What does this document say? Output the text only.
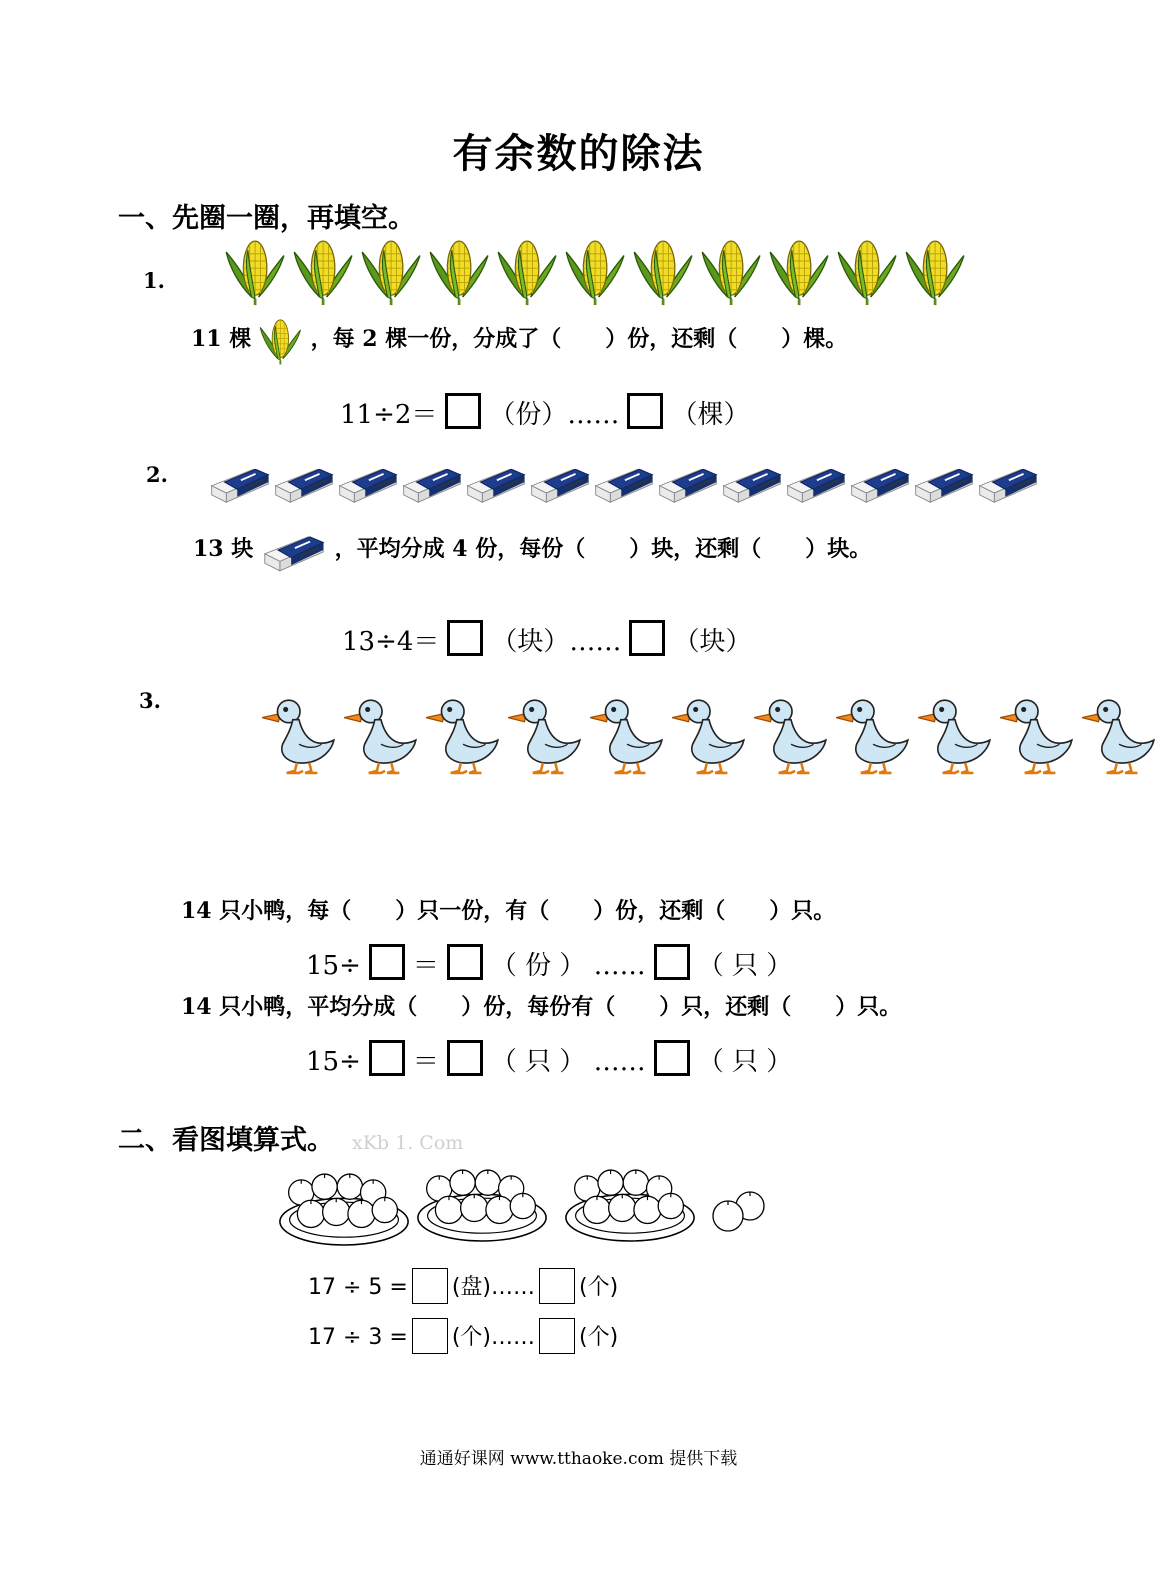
有余数的除法
一、先圈一圈，再填空。
1.
11 棵	，每 2 棵一份，分成了（　　）份，还剩（　　）棵。
11÷2＝ （份）…… （棵）
2.
13 块	，平均分成 4 份，每份（　　）块，还剩（　　）块。
13÷4＝ （块）…… （块）
3.
14 只小鸭，每（　　）只一份，有（　　）份，还剩（　　）只。
15÷ ＝ （ 份 ） …… （ 只 ）
14 只小鸭，平均分成（　　）份，每份有（　　）只，还剩（　　）只。
15÷ ＝ （ 只 ） …… （ 只 ）
二、看图填算式。 xKb 1. Com
17 ÷ 5 = (盘)…… (个)
17 ÷ 3 = (个)…… (个)
通通好课网 www.tthaoke.com 提供下载
